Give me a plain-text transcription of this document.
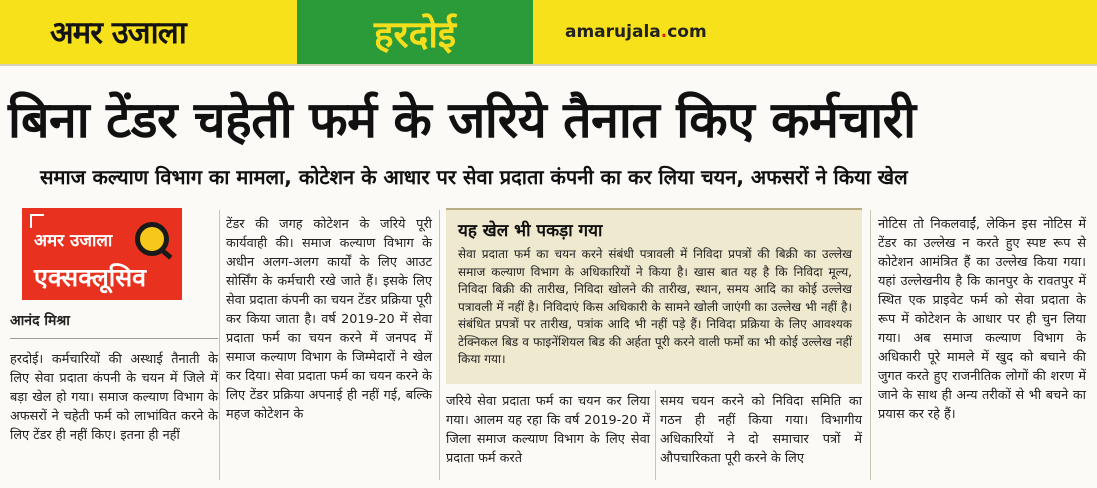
अमर उजाला	हरदोई	amarujala.com
बिना टेंडर चहेती फर्म के जरिये तैनात किए कर्मचारी
समाज कल्याण विभाग का मामला, कोटेशन के आधार पर सेवा प्रदाता कंपनी का कर लिया चयन, अफसरों ने किया खेल
अमर उजाला
एक्सक्लूसिव
आनंद मिश्रा
हरदोई। कर्मचारियों की अस्थाई तैनाती के लिए सेवा प्रदाता कंपनी के चयन में जिले में बड़ा खेल हो गया। समाज कल्याण विभाग के अफसरों ने चहेती फर्म को लाभांवित करने के लिए टेंडर ही नहीं किए। इतना ही नहीं
टेंडर की जगह कोटेशन के जरिये पूरी कार्यवाही की। समाज कल्याण विभाग के अधीन अलग-अलग कार्यों के लिए आउट सोर्सिंग के कर्मचारी रखे जाते हैं। इसके लिए सेवा प्रदाता कंपनी का चयन टेंडर प्रक्रिया पूरी कर किया जाता है। वर्ष 2019-20 में सेवा प्रदाता फर्म का चयन करने में जनपद में समाज कल्याण विभाग के जिम्मेदारों ने खेल कर दिया। सेवा प्रदाता फर्म का चयन करने के लिए टेंडर प्रक्रिया अपनाई ही नहीं गई, बल्कि महज कोटेशन के
यह खेल भी पकड़ा गया
सेवा प्रदाता फर्म का चयन करने संबंधी पत्रावली में निविदा प्रपत्रों की बिक्री का उल्लेख समाज कल्याण विभाग के अधिकारियों ने किया है। खास बात यह है कि निविदा मूल्य, निविदा बिक्री की तारीख, निविदा खोलने की तारीख, स्थान, समय आदि का कोई उल्लेख पत्रावली में नहीं है। निविदाएं किस अधिकारी के सामने खोली जाएंगी का उल्लेख भी नहीं है। संबंधित प्रपत्रों पर तारीख, पत्रांक आदि भी नहीं पड़े हैं। निविदा प्रक्रिया के लिए आवश्यक टेक्निकल बिड व फाइनेंशियल बिड की अर्हता पूरी करने वाली फर्मों का भी कोई उल्लेख नहीं किया गया।
जरिये सेवा प्रदाता फर्म का चयन कर लिया गया। आलम यह रहा कि वर्ष 2019-20 में जिला समाज कल्याण विभाग के लिए सेवा प्रदाता फर्म करते
समय चयन करने को निविदा समिति का गठन ही नहीं किया गया। विभागीय अधिकारियों ने दो समाचार पत्रों में औपचारिकता पूरी करने के लिए
नोटिस तो निकलवाईं, लेकिन इस नोटिस में टेंडर का उल्लेख न करते हुए स्पष्ट रूप से कोटेशन आमंत्रित हैं का उल्लेख किया गया। यहां उल्लेखनीय है कि कानपुर के रावतपुर में स्थित एक प्राइवेट फर्म को सेवा प्रदाता के रूप में कोटेशन के आधार पर ही चुन लिया गया। अब समाज कल्याण विभाग के अधिकारी पूरे मामले में खुद को बचाने की जुगत करते हुए राजनीतिक लोगों की शरण में जाने के साथ ही अन्य तरीकों से भी बचने का प्रयास कर रहे हैं।
